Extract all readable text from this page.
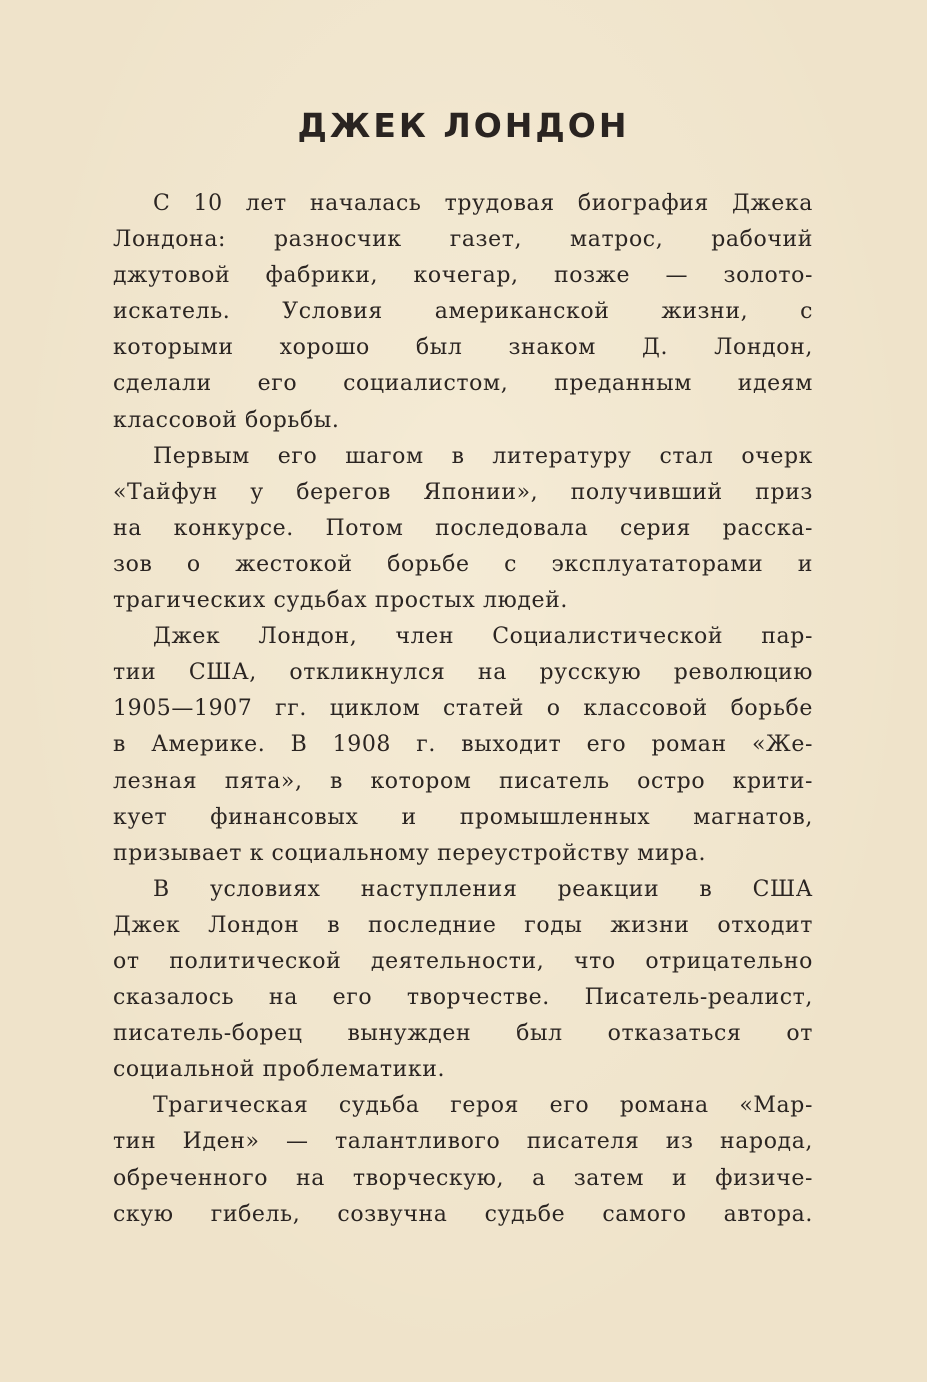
ДЖЕК ЛОНДОН
С 10 лет началась трудовая биография Джека
Лондона: разносчик газет, матрос, рабочий
джутовой фабрики, кочегар, позже — золото-
искатель. Условия американской жизни, с
которыми хорошо был знаком Д. Лондон,
сделали его социалистом, преданным идеям
классовой борьбы.
Первым его шагом в литературу стал очерк
«Тайфун у берегов Японии», получивший приз
на конкурсе. Потом последовала серия расска-
зов о жестокой борьбе с эксплуататорами и
трагических судьбах простых людей.
Джек Лондон, член Социалистической пар-
тии США, откликнулся на русскую революцию
1905—1907 гг. циклом статей о классовой борьбе
в Америке. В 1908 г. выходит его роман «Же-
лезная пята», в котором писатель остро крити-
кует финансовых и промышленных магнатов,
призывает к социальному переустройству мира.
В условиях наступления реакции в США
Джек Лондон в последние годы жизни отходит
от политической деятельности, что отрицательно
сказалось на его творчестве. Писатель-реалист,
писатель-борец вынужден был отказаться от
социальной проблематики.
Трагическая судьба героя его романа «Мар-
тин Иден» — талантливого писателя из народа,
обреченного на творческую, а затем и физиче-
скую гибель, созвучна судьбе самого автора.
